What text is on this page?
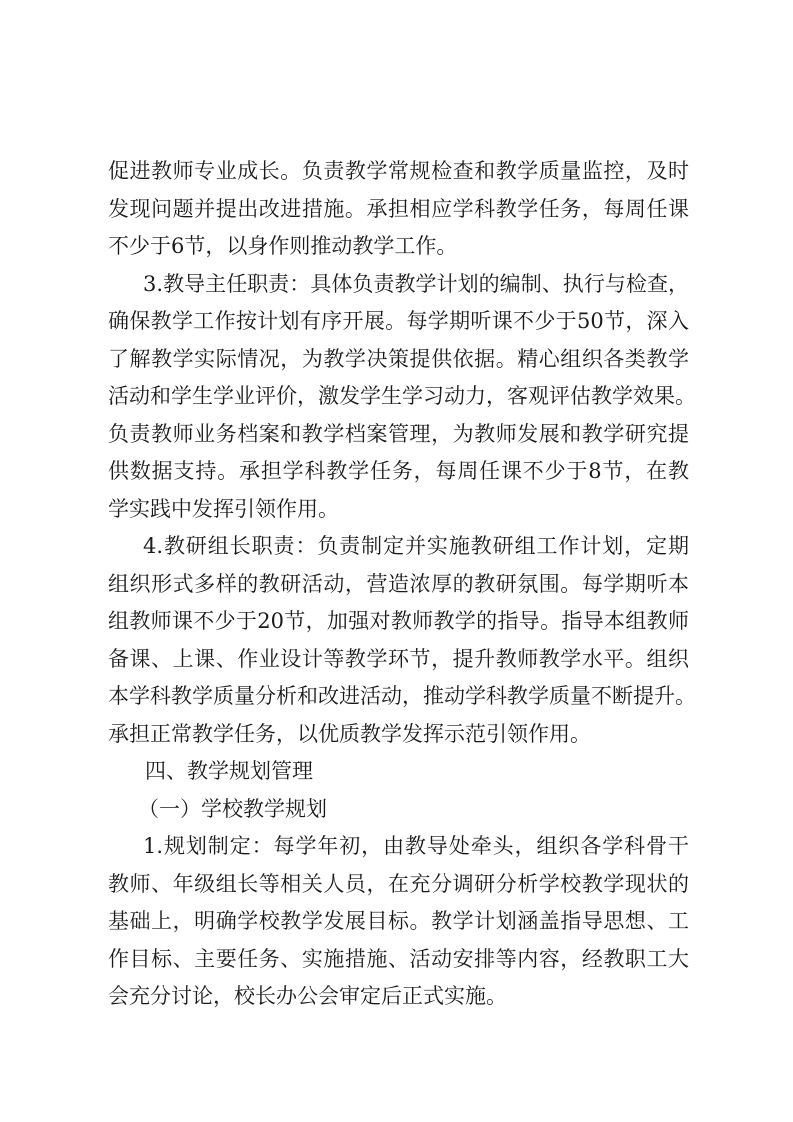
促进教师专业成长。负责教学常规检查和教学质量监控，及时
发现问题并提出改进措施。承担相应学科教学任务，每周任课
不少于6节，以身作则推动教学工作。
3.教导主任职责：具体负责教学计划的编制、执行与检查，
确保教学工作按计划有序开展。每学期听课不少于50节，深入
了解教学实际情况，为教学决策提供依据。精心组织各类教学
活动和学生学业评价，激发学生学习动力，客观评估教学效果。
负责教师业务档案和教学档案管理，为教师发展和教学研究提
供数据支持。承担学科教学任务，每周任课不少于8节，在教
学实践中发挥引领作用。
4.教研组长职责：负责制定并实施教研组工作计划，定期
组织形式多样的教研活动，营造浓厚的教研氛围。每学期听本
组教师课不少于20节，加强对教师教学的指导。指导本组教师
备课、上课、作业设计等教学环节，提升教师教学水平。组织
本学科教学质量分析和改进活动，推动学科教学质量不断提升。
承担正常教学任务，以优质教学发挥示范引领作用。
四、教学规划管理
（一）学校教学规划
1.规划制定：每学年初，由教导处牵头，组织各学科骨干
教师、年级组长等相关人员，在充分调研分析学校教学现状的
基础上，明确学校教学发展目标。教学计划涵盖指导思想、工
作目标、主要任务、实施措施、活动安排等内容，经教职工大
会充分讨论，校长办公会审定后正式实施。
